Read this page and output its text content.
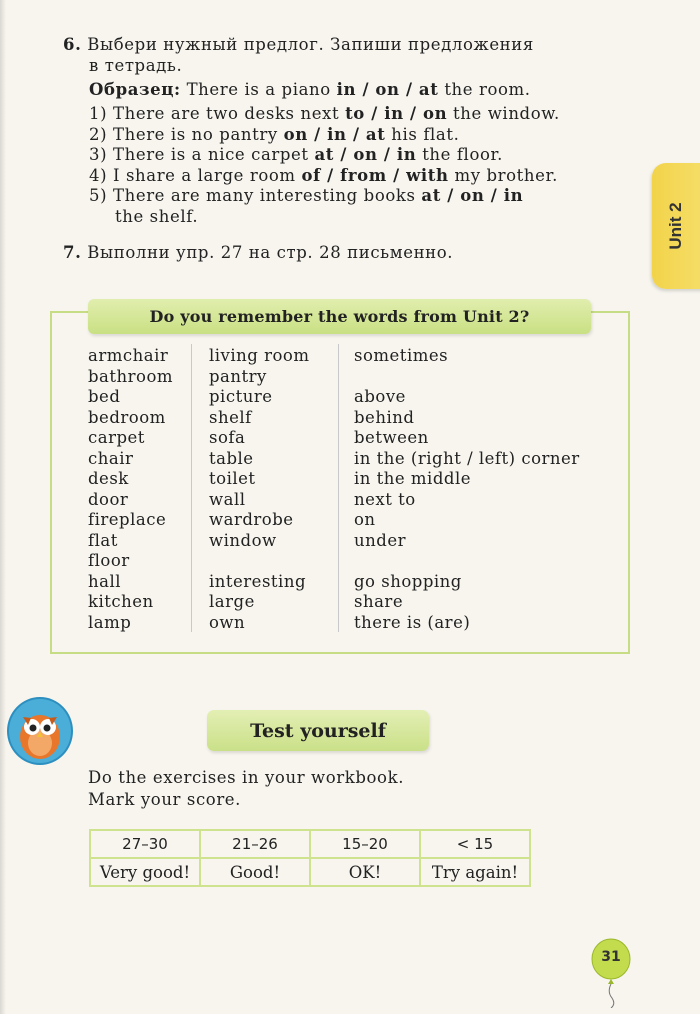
6. Выбери нужный предлог. Запиши предложения
в тетрадь.
Образец: There is a piano in / on / at the room.
1) There are two desks next to / in / on the window.
2) There is no pantry on / in / at his flat.
3) There is a nice carpet at / on / in the floor.
4) I share a large room of / from / with my brother.
5) There are many interesting books at / on / in
the shelf.
7. Выполни упр. 27 на стр. 28 письменно.
Unit 2
Do you remember the words from Unit 2?
armchair
bathroom
bed
bedroom
carpet
chair
desk
door
fireplace
flat
floor
hall
kitchen
lamp
living room
pantry
picture
shelf
sofa
table
toilet
wall
wardrobe
window
interesting
large
own
sometimes
above
behind
between
in the (right / left) corner
in the middle
next to
on
under
go shopping
share
there is (are)
Test yourself
Do the exercises in your workbook.
Mark your score.
27–30	21–26	15–20	< 15
Very good!	Good!	OK!	Try again!
31
